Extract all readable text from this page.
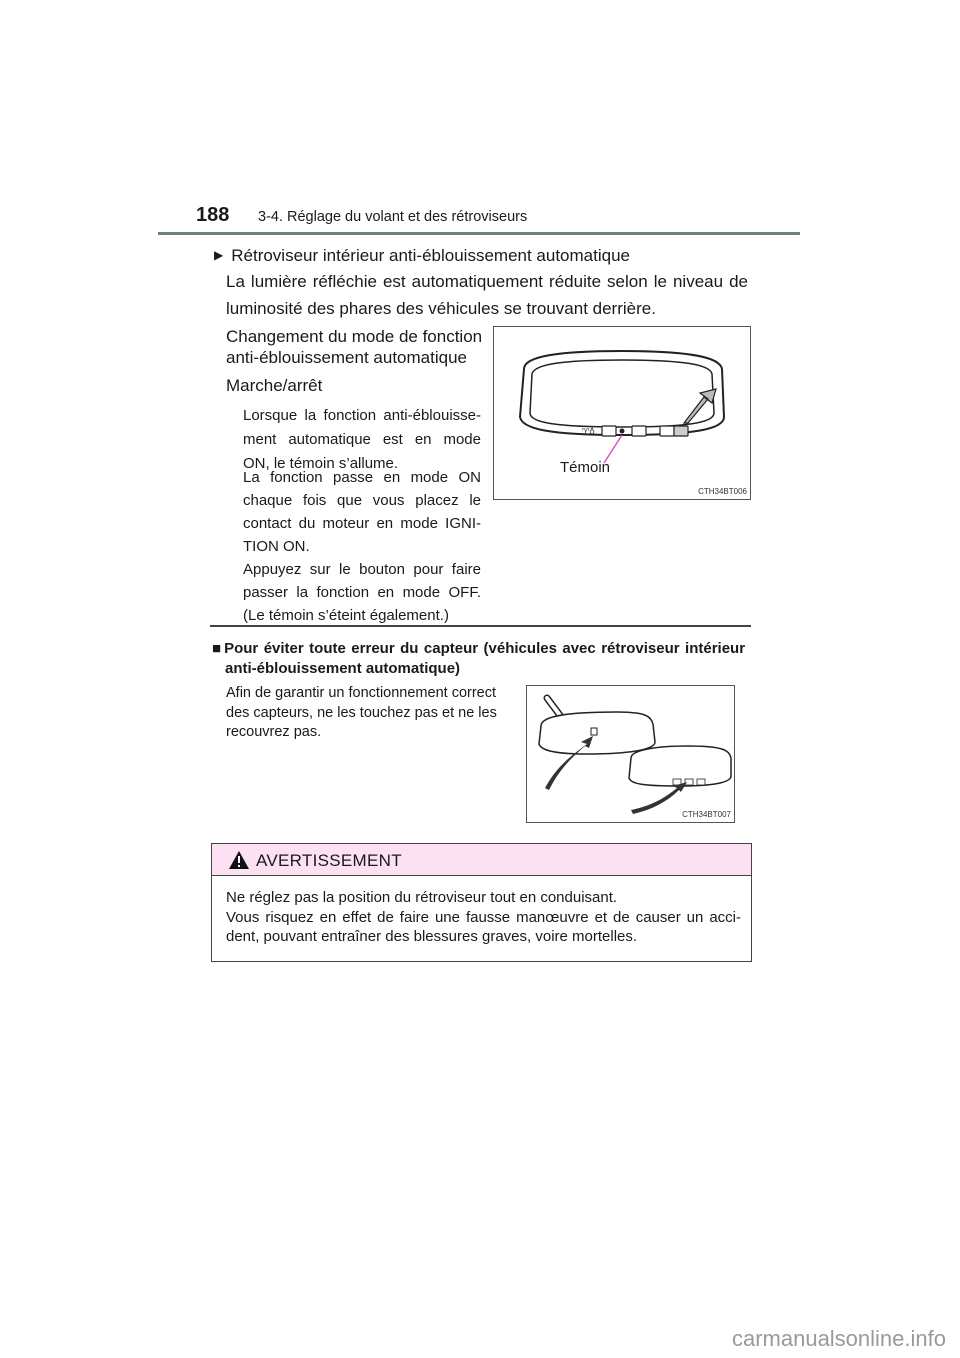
188 3-4. Réglage du volant et des rétroviseurs
▶ Rétroviseur intérieur anti-éblouissement automatique
La lumière réfléchie est automatiquement réduite selon le niveau de
luminosité des phares des véhicules se trouvant derrière.
Changement du mode de fonction
anti-éblouissement automatique
Marche/arrêt
Lorsque la fonction anti-éblouisse-
ment automatique est en mode
ON, le témoin s’allume.
La fonction passe en mode ON
chaque fois que vous placez le
contact du moteur en mode IGNI-
TION ON.
Appuyez sur le bouton pour faire
passer la fonction en mode OFF.
(Le témoin s’éteint également.)
♈♁
Témoin
CTH34BT006
■ Pour éviter toute erreur du capteur (véhicules avec rétroviseur intérieur
anti-éblouissement automatique)
Afin de garantir un fonctionnement correct
des capteurs, ne les touchez pas et ne les
recouvrez pas.
CTH34BT007
AVERTISSEMENT
Ne réglez pas la position du rétroviseur tout en conduisant.
Vous risquez en effet de faire une fausse manœuvre et de causer un acci-
dent, pouvant entraîner des blessures graves, voire mortelles.
carmanualsonline.info
